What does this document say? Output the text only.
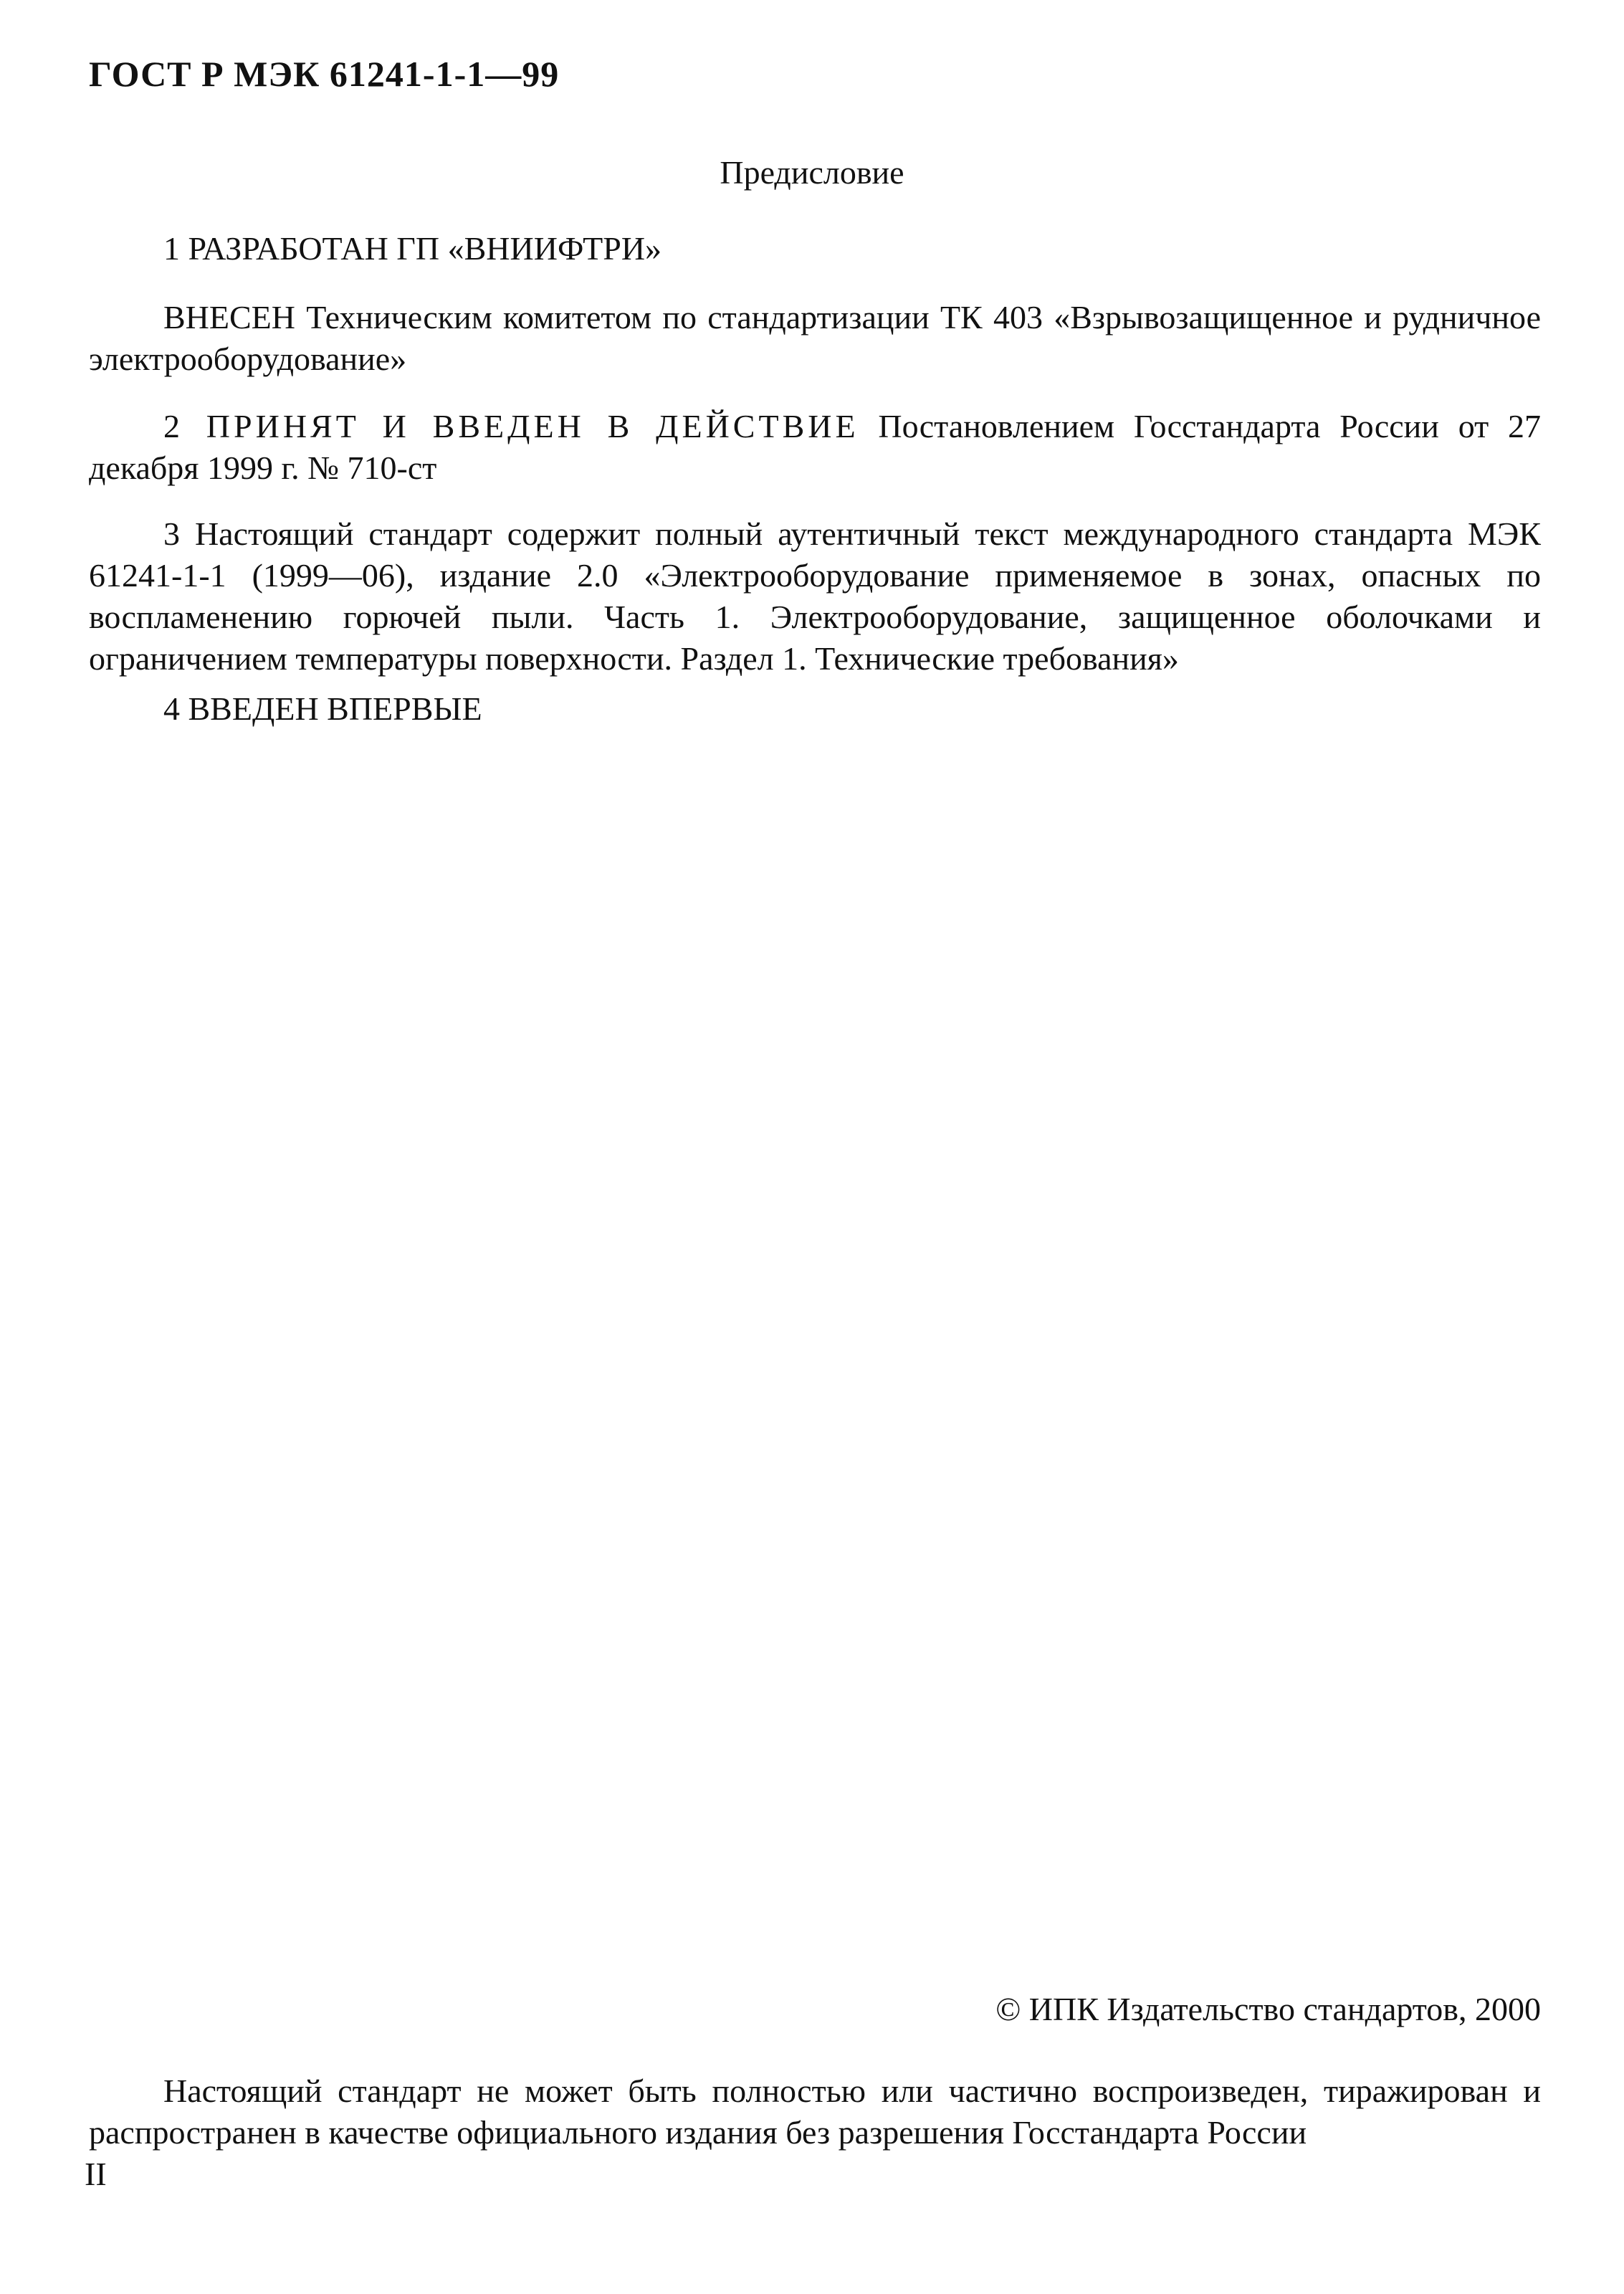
ГОСТ Р МЭК 61241-1-1—99
Предисловие
1 РАЗРАБОТАН ГП «ВНИИФТРИ»
ВНЕСЕН Техническим комитетом по стандартизации ТК 403 «Взрывозащищенное и рудничное электрооборудование»
2 ПРИНЯТ И ВВЕДЕН В ДЕЙСТВИЕ Постановлением Госстандарта России от 27 декабря 1999 г. № 710-ст
3 Настоящий стандарт содержит полный аутентичный текст международного стандарта МЭК 61241-1-1 (1999—06), издание 2.0 «Электрооборудование применяемое в зонах, опасных по воспламенению горючей пыли. Часть 1. Электрооборудование, защищенное оболочками и ограничением температуры поверхности. Раздел 1. Технические требования»
4 ВВЕДЕН ВПЕРВЫЕ
© ИПК Издательство стандартов, 2000
Настоящий стандарт не может быть полностью или частично воспроизведен, тиражирован и распространен в качестве официального издания без разрешения Госстандарта России
II
